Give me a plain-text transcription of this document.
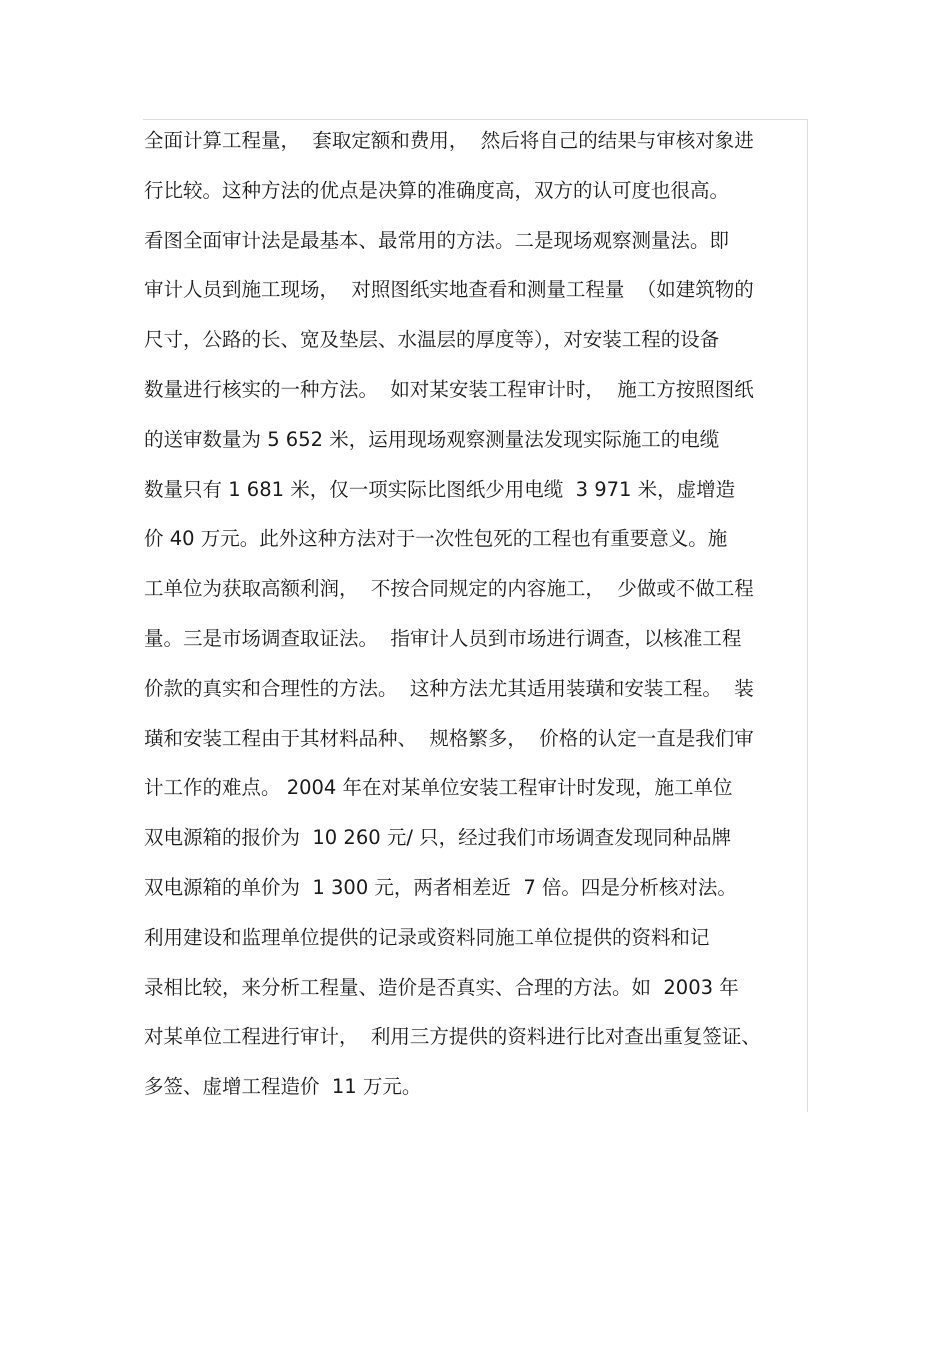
全面计算工程量，  套取定额和费用，  然后将自己的结果与审核对象进
行比较。这种方法的优点是决算的准确度高，双方的认可度也很高。
看图全面审计法是最基本、最常用的方法。二是现场观察测量法。即
审计人员到施工现场，  对照图纸实地查看和测量工程量  （如建筑物的
尺寸，公路的长、宽及垫层、水温层的厚度等），对安装工程的设备
数量进行核实的一种方法。  如对某安装工程审计时，  施工方按照图纸
的送审数量为 5 652 米，运用现场观察测量法发现实际施工的电缆
数量只有 1 681 米，仅一项实际比图纸少用电缆  3 971 米，虚增造
价 40 万元。此外这种方法对于一次性包死的工程也有重要意义。施
工单位为获取高额利润，  不按合同规定的内容施工，  少做或不做工程
量。三是市场调查取证法。  指审计人员到市场进行调查，以核准工程
价款的真实和合理性的方法。  这种方法尤其适用装璜和安装工程。  装
璜和安装工程由于其材料品种、  规格繁多，  价格的认定一直是我们审
计工作的难点。 2004 年在对某单位安装工程审计时发现，施工单位
双电源箱的报价为  10 260 元/ 只，经过我们市场调查发现同种品牌
双电源箱的单价为  1 300 元，两者相差近  7 倍。四是分析核对法。
利用建设和监理单位提供的记录或资料同施工单位提供的资料和记
录相比较，来分析工程量、造价是否真实、合理的方法。如  2003 年
对某单位工程进行审计，  利用三方提供的资料进行比对查出重复签证、
多签、虚增工程造价  11 万元。
